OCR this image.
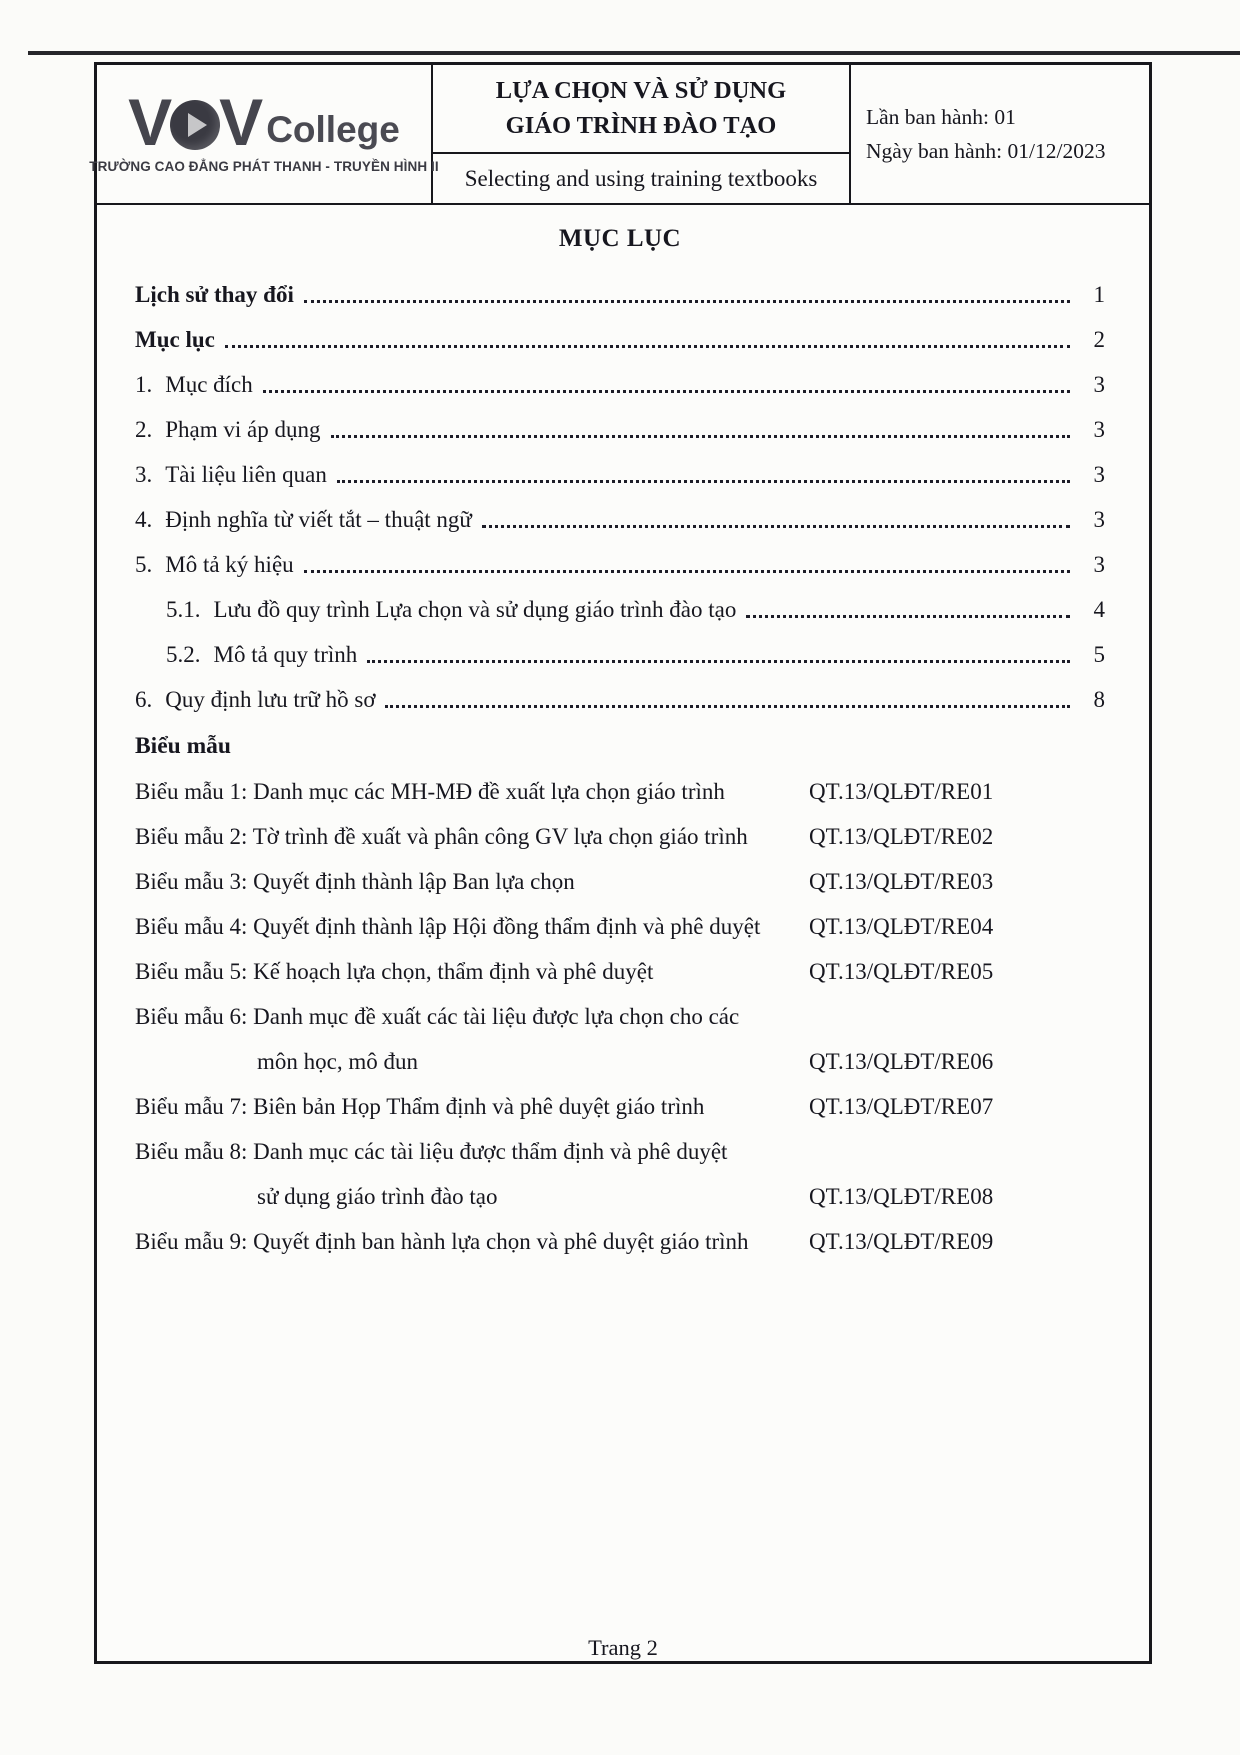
V V College
TRƯỜNG CAO ĐẲNG PHÁT THANH - TRUYỀN HÌNH II
LỰA CHỌN VÀ SỬ DỤNG
GIÁO TRÌNH ĐÀO TẠO
Selecting and using training textbooks
Lần ban hành: 01
Ngày ban hành: 01/12/2023
MỤC LỤC
Lịch sử thay đổi	1
Mục lục	2
1. Mục đích	3
2. Phạm vi áp dụng	3
3. Tài liệu liên quan	3
4. Định nghĩa từ viết tắt – thuật ngữ	3
5. Mô tả ký hiệu	3
5.1. Lưu đồ quy trình Lựa chọn và sử dụng giáo trình đào tạo	4
5.2. Mô tả quy trình	5
6. Quy định lưu trữ hồ sơ	8
Biểu mẫu
Biểu mẫu 1: Danh mục các MH-MĐ đề xuất lựa chọn giáo trình	QT.13/QLĐT/RE01
Biểu mẫu 2: Tờ trình đề xuất và phân công GV lựa chọn giáo trình	QT.13/QLĐT/RE02
Biểu mẫu 3: Quyết định thành lập Ban lựa chọn	QT.13/QLĐT/RE03
Biểu mẫu 4: Quyết định thành lập Hội đồng thẩm định và phê duyệt QT.13/QLĐT/RE04
Biểu mẫu 5: Kế hoạch lựa chọn, thẩm định và phê duyệt	QT.13/QLĐT/RE05
Biểu mẫu 6: Danh mục đề xuất các tài liệu được lựa chọn cho các
môn học, mô đun	QT.13/QLĐT/RE06
Biểu mẫu 7: Biên bản Họp Thẩm định và phê duyệt giáo trình	QT.13/QLĐT/RE07
Biểu mẫu 8: Danh mục các tài liệu được thẩm định và phê duyệt
sử dụng giáo trình đào tạo	QT.13/QLĐT/RE08
Biểu mẫu 9: Quyết định ban hành lựa chọn và phê duyệt giáo trình	QT.13/QLĐT/RE09
Trang 2
